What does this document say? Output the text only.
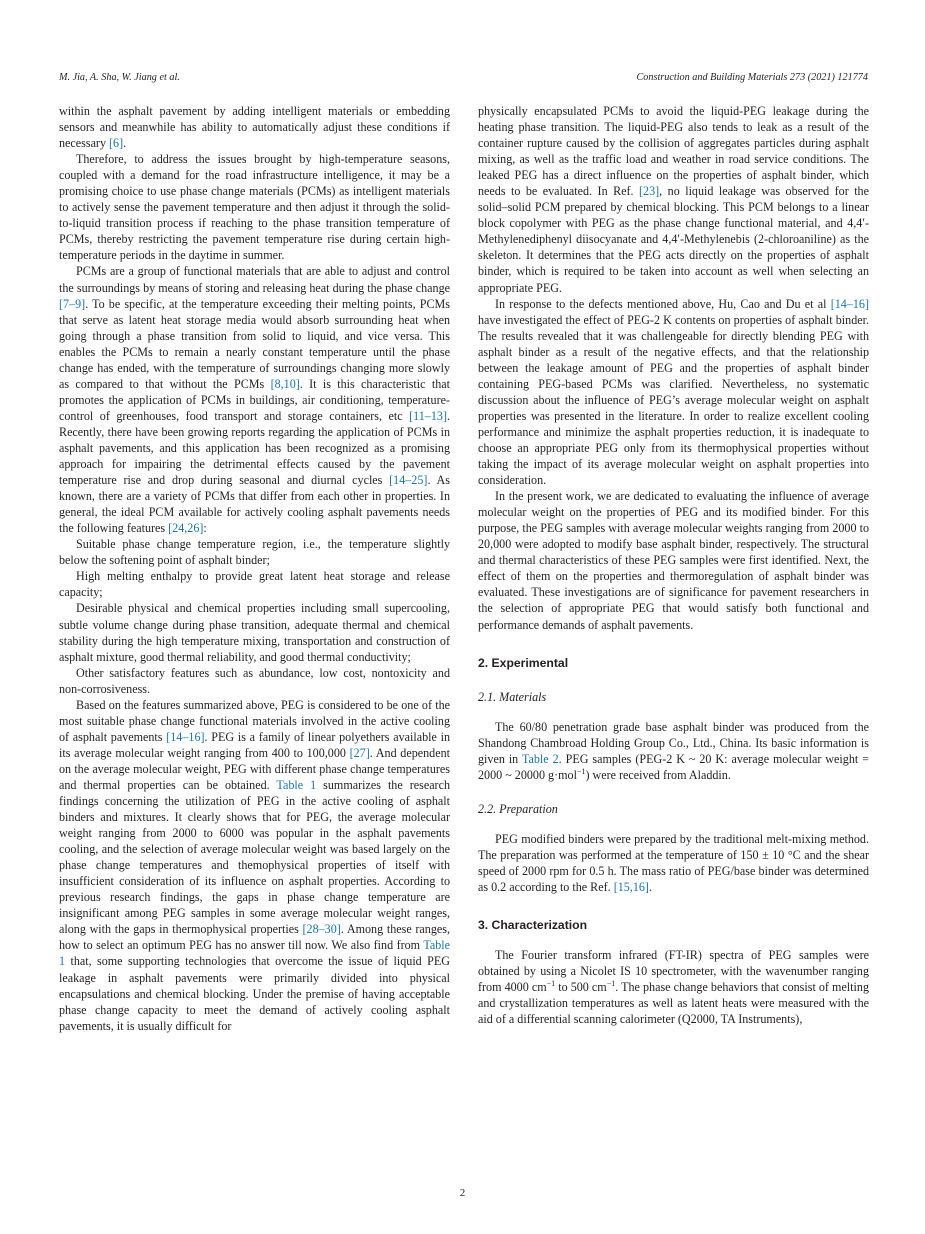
M. Jia, A. Sha, W. Jiang et al.	Construction and Building Materials 273 (2021) 121774

within the asphalt pavement by adding intelligent materials or embedding sensors and meanwhile has ability to automatically adjust these conditions if necessary [6].

Therefore, to address the issues brought by high-temperature seasons, coupled with a demand for the road infrastructure intelligence, it may be a promising choice to use phase change materials (PCMs) as intelligent materials to actively sense the pavement temperature and then adjust it through the solid-to-liquid transition process if reaching to the phase transition temperature of PCMs, thereby restricting the pavement temperature rise during certain high-temperature periods in the daytime in summer.

PCMs are a group of functional materials that are able to adjust and control the surroundings by means of storing and releasing heat during the phase change [7–9]. To be specific, at the temperature exceeding their melting points, PCMs that serve as latent heat storage media would absorb surrounding heat when going through a phase transition from solid to liquid, and vice versa. This enables the PCMs to remain a nearly constant temperature until the phase change has ended, with the temperature of surroundings changing more slowly as compared to that without the PCMs [8,10]. It is this characteristic that promotes the application of PCMs in buildings, air conditioning, temperature-control of greenhouses, food transport and storage containers, etc [11–13]. Recently, there have been growing reports regarding the application of PCMs in asphalt pavements, and this application has been recognized as a promising approach for impairing the detrimental effects caused by the pavement temperature rise and drop during seasonal and diurnal cycles [14–25]. As known, there are a variety of PCMs that differ from each other in properties. In general, the ideal PCM available for actively cooling asphalt pavements needs the following features [24,26]:

Suitable phase change temperature region, i.e., the temperature slightly below the softening point of asphalt binder;

High melting enthalpy to provide great latent heat storage and release capacity;

Desirable physical and chemical properties including small supercooling, subtle volume change during phase transition, adequate thermal and chemical stability during the high temperature mixing, transportation and construction of asphalt mixture, good thermal reliability, and good thermal conductivity;

Other satisfactory features such as abundance, low cost, nontoxicity and non-corrosiveness.

Based on the features summarized above, PEG is considered to be one of the most suitable phase change functional materials involved in the active cooling of asphalt pavements [14–16]. PEG is a family of linear polyethers available in its average molecular weight ranging from 400 to 100,000 [27]. And dependent on the average molecular weight, PEG with different phase change temperatures and thermal properties can be obtained. Table 1 summarizes the research findings concerning the utilization of PEG in the active cooling of asphalt binders and mixtures. It clearly shows that for PEG, the average molecular weight ranging from 2000 to 6000 was popular in the asphalt pavements cooling, and the selection of average molecular weight was based largely on the phase change temperatures and themophysical properties of itself with insufficient consideration of its influence on asphalt properties. According to previous research findings, the gaps in phase change temperature are insignificant among PEG samples in some average molecular weight ranges, along with the gaps in thermophysical properties [28–30]. Among these ranges, how to select an optimum PEG has no answer till now. We also find from Table 1 that, some supporting technologies that overcome the issue of liquid PEG leakage in asphalt pavements were primarily divided into physical encapsulations and chemical blocking. Under the premise of having acceptable phase change capacity to meet the demand of actively cooling asphalt pavements, it is usually difficult for

physically encapsulated PCMs to avoid the liquid-PEG leakage during the heating phase transition. The liquid-PEG also tends to leak as a result of the container rupture caused by the collision of aggregates particles during asphalt mixing, as well as the traffic load and weather in road service conditions. The leaked PEG has a direct influence on the properties of asphalt binder, which needs to be evaluated. In Ref. [23], no liquid leakage was observed for the solid–solid PCM prepared by chemical blocking. This PCM belongs to a linear block copolymer with PEG as the phase change functional material, and 4,4′-Methylenediphenyl diisocyanate and 4,4′-Methylenebis (2-chloroaniline) as the skeleton. It determines that the PEG acts directly on the properties of asphalt binder, which is required to be taken into account as well when selecting an appropriate PEG.

In response to the defects mentioned above, Hu, Cao and Du et al [14–16] have investigated the effect of PEG-2 K contents on properties of asphalt binder. The results revealed that it was challengeable for directly blending PEG with asphalt binder as a result of the negative effects, and that the relationship between the leakage amount of PEG and the properties of asphalt binder containing PEG-based PCMs was clarified. Nevertheless, no systematic discussion about the influence of PEG’s average molecular weight on asphalt properties was presented in the literature. In order to realize excellent cooling performance and minimize the asphalt properties reduction, it is inadequate to choose an appropriate PEG only from its thermophysical properties without taking the impact of its average molecular weight on asphalt properties into consideration.

In the present work, we are dedicated to evaluating the influence of average molecular weight on the properties of PEG and its modified binder. For this purpose, the PEG samples with average molecular weights ranging from 2000 to 20,000 were adopted to modify base asphalt binder, respectively. The structural and thermal characteristics of these PEG samples were first identified. Next, the effect of them on the properties and thermoregulation of asphalt binder was evaluated. These investigations are of significance for pavement researchers in the selection of appropriate PEG that would satisfy both functional and performance demands of asphalt pavements.

2. Experimental
2.1. Materials

The 60/80 penetration grade base asphalt binder was produced from the Shandong Chambroad Holding Group Co., Ltd., China. Its basic information is given in Table 2. PEG samples (PEG-2 K ~ 20 K: average molecular weight = 2000 ~ 20000 g·mol$^{-1}$) were received from Aladdin.

2.2. Preparation

PEG modified binders were prepared by the traditional melt-mixing method. The preparation was performed at the temperature of 150 ± 10 °C and the shear speed of 2000 rpm for 0.5 h. The mass ratio of PEG/base binder was determined as 0.2 according to the Ref. [15,16].

3. Characterization

The Fourier transform infrared (FT-IR) spectra of PEG samples were obtained by using a Nicolet IS 10 spectrometer, with the wavenumber ranging from 4000 $cm^{-1}$ to 500 $cm^{-1}$. The phase change behaviors that consist of melting and crystallization temperatures as well as latent heats were measured with the aid of a differential scanning calorimeter (Q2000, TA Instruments),

2
